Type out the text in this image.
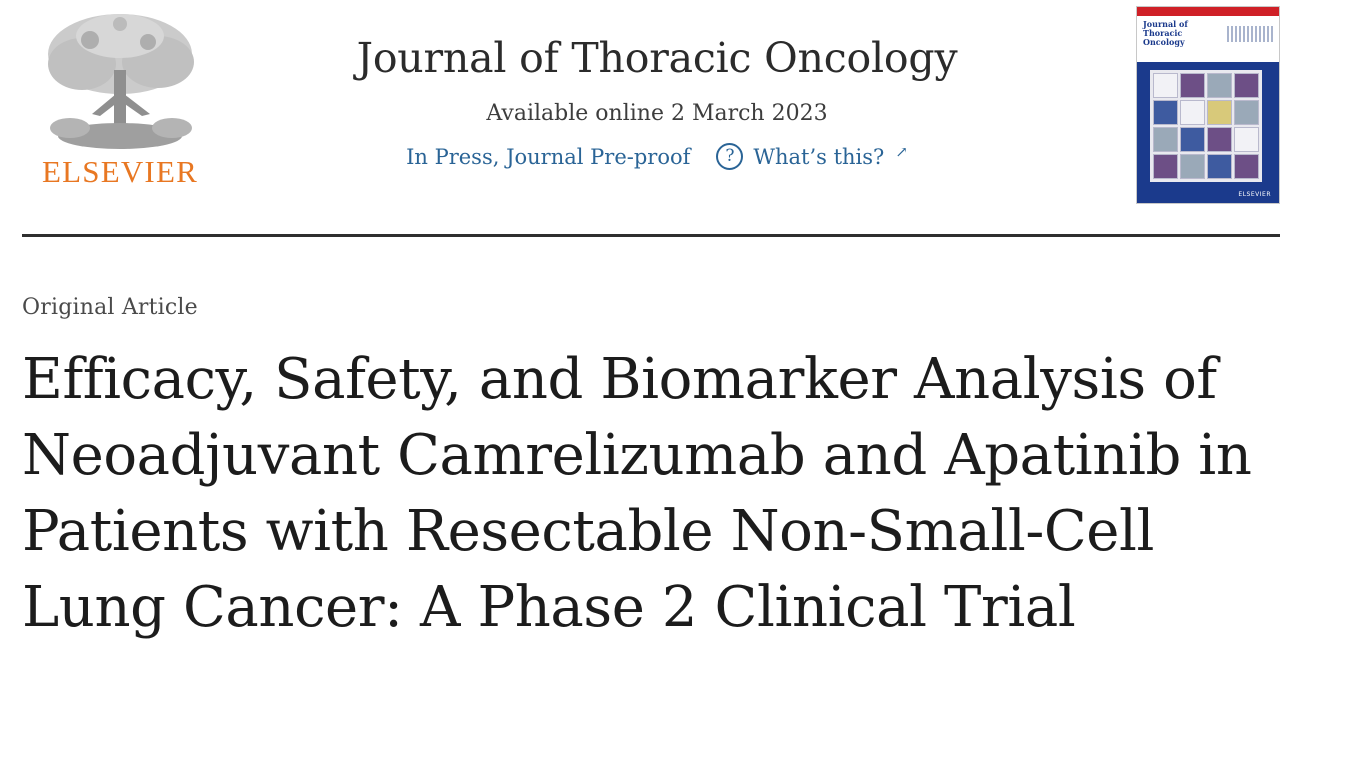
ELSEVIER
Journal of Thoracic Oncology
Available online 2 March 2023
In Press, Journal Pre-proof	? What’s this? ↗
Journal of Thoracic Oncology
ELSEVIER
Original Article
Efficacy, Safety, and Biomarker Analysis of Neoadjuvant Camrelizumab and Apatinib in Patients with Resectable Non-Small-Cell Lung Cancer: A Phase 2 Clinical Trial
